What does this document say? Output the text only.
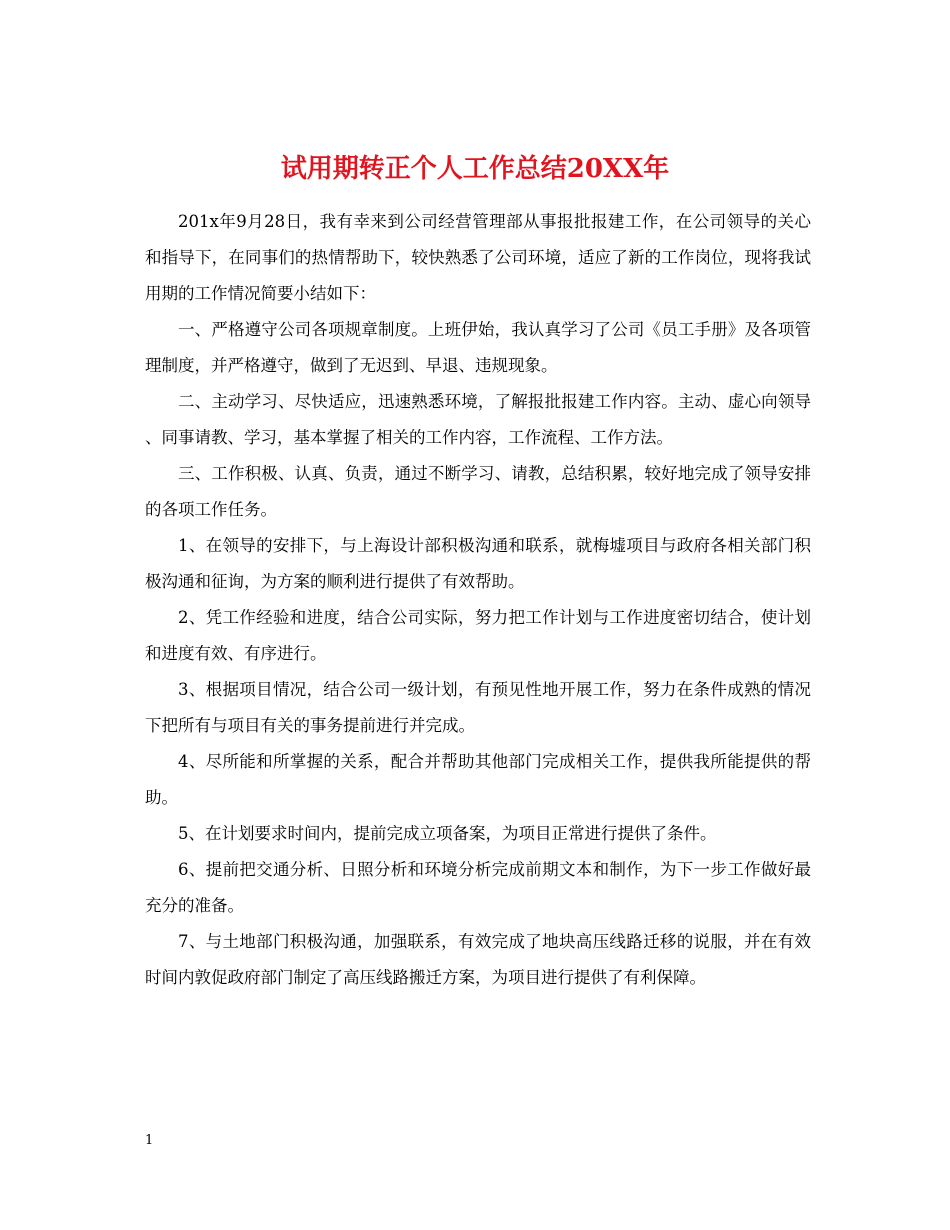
试用期转正个人工作总结20XX年

201x年9月28日，我有幸来到公司经营管理部从事报批报建工作，在公司领导的关心和指导下，在同事们的热情帮助下，较快熟悉了公司环境，适应了新的工作岗位，现将我试用期的工作情况简要小结如下：

一、严格遵守公司各项规章制度。上班伊始，我认真学习了公司《员工手册》及各项管理制度，并严格遵守，做到了无迟到、早退、违规现象。

二、主动学习、尽快适应，迅速熟悉环境，了解报批报建工作内容。主动、虚心向领导、同事请教、学习，基本掌握了相关的工作内容，工作流程、工作方法。

三、工作积极、认真、负责，通过不断学习、请教，总结积累，较好地完成了领导安排的各项工作任务。

1、在领导的安排下，与上海设计部积极沟通和联系，就梅墟项目与政府各相关部门积极沟通和征询，为方案的顺利进行提供了有效帮助。

2、凭工作经验和进度，结合公司实际，努力把工作计划与工作进度密切结合，使计划和进度有效、有序进行。

3、根据项目情况，结合公司一级计划，有预见性地开展工作，努力在条件成熟的情况下把所有与项目有关的事务提前进行并完成。

4、尽所能和所掌握的关系，配合并帮助其他部门完成相关工作，提供我所能提供的帮助。

5、在计划要求时间内，提前完成立项备案，为项目正常进行提供了条件。

6、提前把交通分析、日照分析和环境分析完成前期文本和制作，为下一步工作做好最充分的准备。

7、与土地部门积极沟通，加强联系，有效完成了地块高压线路迁移的说服，并在有效时间内敦促政府部门制定了高压线路搬迁方案，为项目进行提供了有利保障。

1
